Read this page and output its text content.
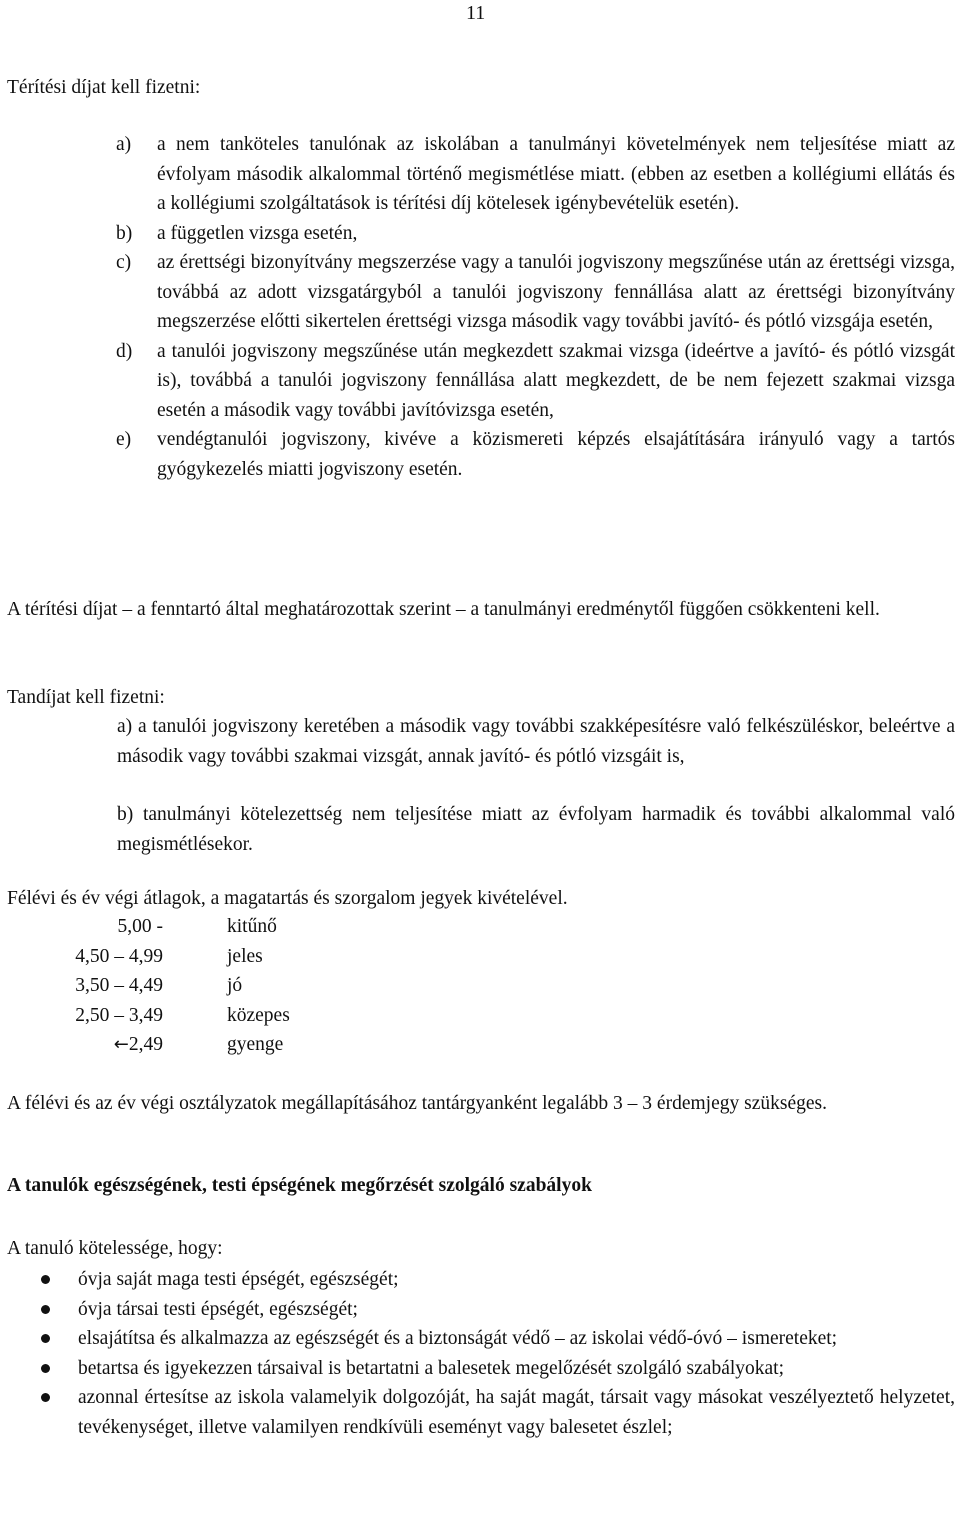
11
Térítési díjat kell fizetni:
a)	a nem tanköteles tanulónak az iskolában a tanulmányi követelmények nem teljesítése miatt az évfolyam második alkalommal történő megismétlése miatt. (ebben az esetben a kollégiumi ellátás és a kollégiumi szolgáltatások is térítési díj kötelesek igénybevételük esetén).
b)	a független vizsga esetén,
c)	az érettségi bizonyítvány megszerzése vagy a tanulói jogviszony megszűnése után az érettségi vizsga, továbbá az adott vizsgatárgyból a tanulói jogviszony fennállása alatt az érettségi bizonyítvány megszerzése előtti sikertelen érettségi vizsga második vagy további javító- és pótló vizsgája esetén,
d)	a tanulói jogviszony megszűnése után megkezdett szakmai vizsga (ideértve a javító- és pótló vizsgát is), továbbá a tanulói jogviszony fennállása alatt megkezdett, de be nem fejezett szakmai vizsga esetén a második vagy további javítóvizsga esetén,
e)	vendégtanulói jogviszony, kivéve a közismereti képzés elsajátítására irányuló vagy a tartós gyógykezelés miatti jogviszony esetén.
A térítési díjat – a fenntartó által meghatározottak szerint – a tanulmányi eredménytől függően csökkenteni kell.
Tandíjat kell fizetni:
a) a tanulói jogviszony keretében a második vagy további szakképesítésre való felkészüléskor, beleértve a második vagy további szakmai vizsgát, annak javító- és pótló vizsgáit is,
b) tanulmányi kötelezettség nem teljesítése miatt az évfolyam harmadik és további alkalommal való megismétlésekor.
Félévi és év végi átlagok, a magatartás és szorgalom jegyek kivételével.
5,00 -	kitűnő
4,50 – 4,99	jeles
3,50 – 4,49	jó
2,50 – 3,49	közepes
←2,49	gyenge
A félévi és az év végi osztályzatok megállapításához tantárgyanként legalább 3 – 3 érdemjegy szükséges.
A tanulók egészségének, testi épségének megőrzését szolgáló szabályok
A tanuló kötelessége, hogy:
óvja saját maga testi épségét, egészségét;
óvja társai testi épségét, egészségét;
elsajátítsa és alkalmazza az egészségét és a biztonságát védő – az iskolai védő-óvó – ismereteket;
betartsa és igyekezzen társaival is betartatni a balesetek megelőzését szolgáló szabályokat;
azonnal értesítse az iskola valamelyik dolgozóját, ha saját magát, társait vagy másokat veszélyeztető helyzetet, tevékenységet, illetve valamilyen rendkívüli eseményt vagy balesetet észlel;
